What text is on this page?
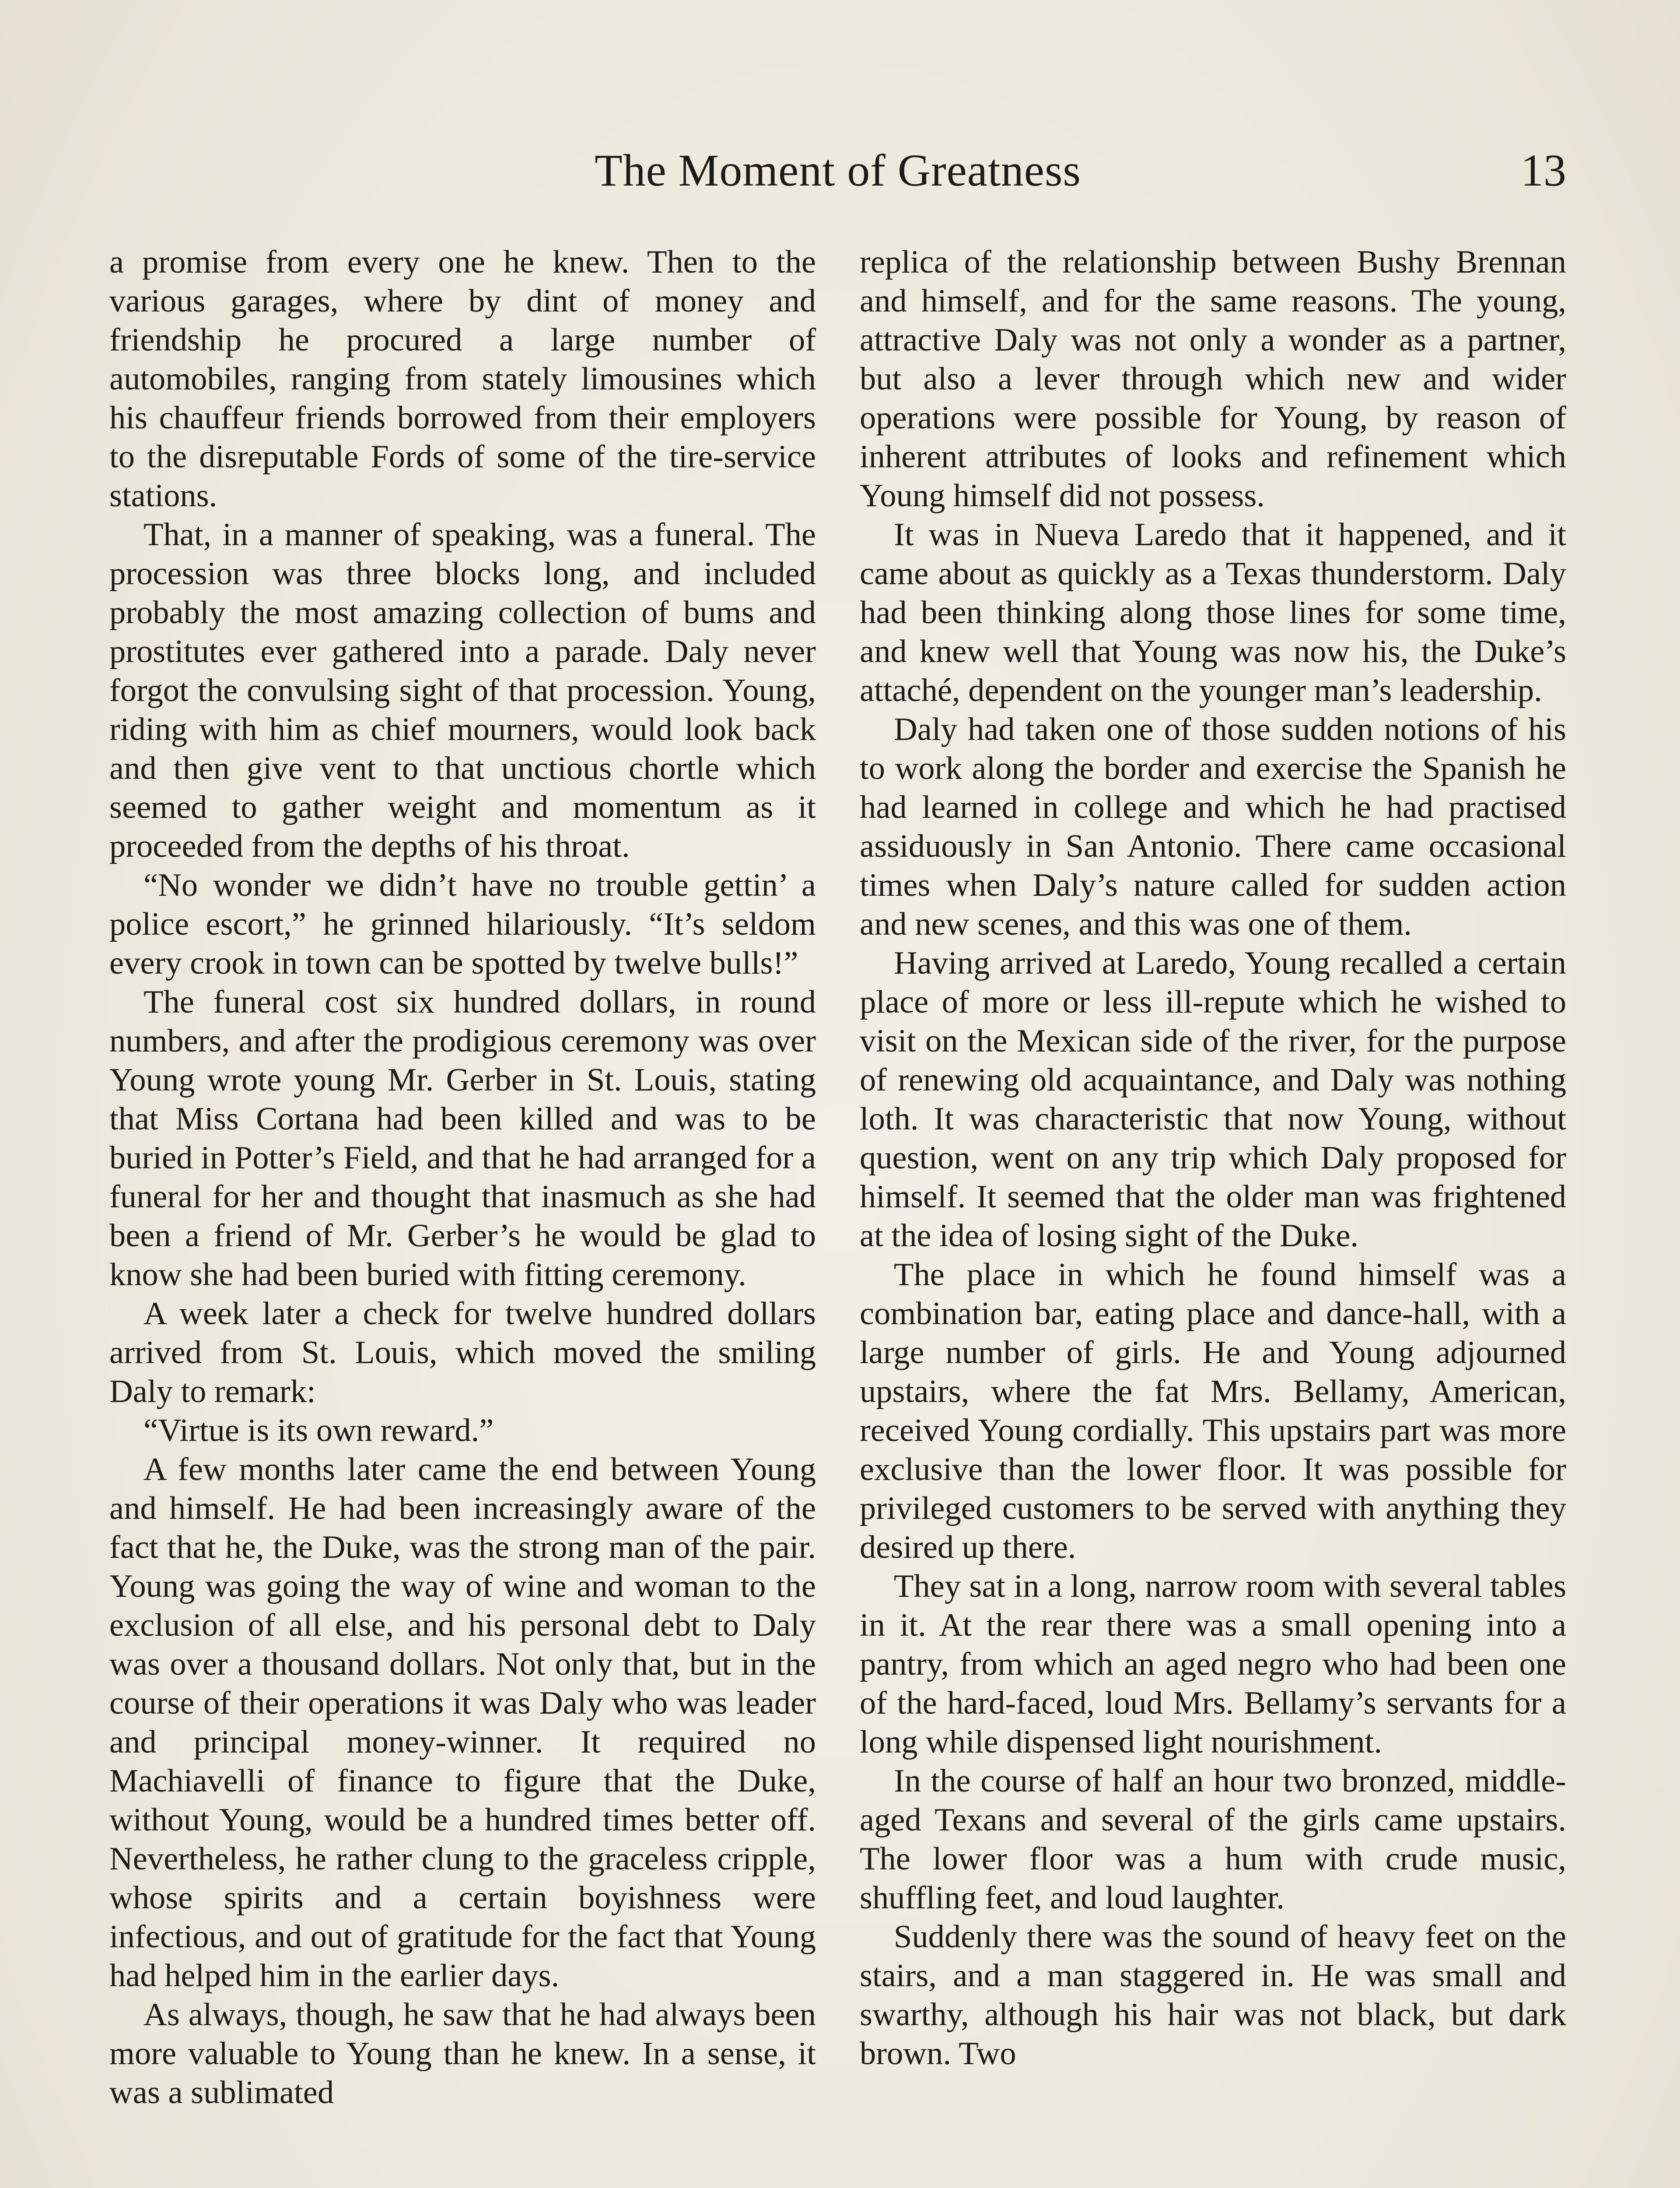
The Moment of Greatness	13

a promise from every one he knew. Then to the various garages, where by dint of money and friendship he procured a large number of automobiles, ranging from stately limousines which his chauffeur friends borrowed from their employers to the disreputable Fords of some of the tire-service stations.

That, in a manner of speaking, was a funeral. The procession was three blocks long, and included probably the most amazing collection of bums and prostitutes ever gathered into a parade. Daly never forgot the convulsing sight of that procession. Young, riding with him as chief mourners, would look back and then give vent to that unctious chortle which seemed to gather weight and momentum as it proceeded from the depths of his throat.

“No wonder we didn’t have no trouble gettin’ a police escort,” he grinned hilariously. “It’s seldom every crook in town can be spotted by twelve bulls!”

The funeral cost six hundred dollars, in round numbers, and after the prodigious ceremony was over Young wrote young Mr. Gerber in St. Louis, stating that Miss Cortana had been killed and was to be buried in Potter’s Field, and that he had arranged for a funeral for her and thought that inasmuch as she had been a friend of Mr. Gerber’s he would be glad to know she had been buried with fitting ceremony.

A week later a check for twelve hundred dollars arrived from St. Louis, which moved the smiling Daly to remark:

“Virtue is its own reward.”

A few months later came the end between Young and himself. He had been increasingly aware of the fact that he, the Duke, was the strong man of the pair. Young was going the way of wine and woman to the exclusion of all else, and his personal debt to Daly was over a thousand dollars. Not only that, but in the course of their operations it was Daly who was leader and principal money-winner. It required no Machiavelli of finance to figure that the Duke, without Young, would be a hundred times better off. Nevertheless, he rather clung to the graceless cripple, whose spirits and a certain boyishness were infectious, and out of gratitude for the fact that Young had helped him in the earlier days.

As always, though, he saw that he had always been more valuable to Young than he knew. In a sense, it was a sublimated

replica of the relationship between Bushy Brennan and himself, and for the same reasons. The young, attractive Daly was not only a wonder as a partner, but also a lever through which new and wider operations were possible for Young, by reason of inherent attributes of looks and refinement which Young himself did not possess.

It was in Nueva Laredo that it happened, and it came about as quickly as a Texas thunderstorm. Daly had been thinking along those lines for some time, and knew well that Young was now his, the Duke’s attaché, dependent on the younger man’s leadership.

Daly had taken one of those sudden notions of his to work along the border and exercise the Spanish he had learned in college and which he had practised assiduously in San Antonio. There came occasional times when Daly’s nature called for sudden action and new scenes, and this was one of them.

Having arrived at Laredo, Young recalled a certain place of more or less ill-repute which he wished to visit on the Mexican side of the river, for the purpose of renewing old acquaintance, and Daly was nothing loth. It was characteristic that now Young, without question, went on any trip which Daly proposed for himself. It seemed that the older man was frightened at the idea of losing sight of the Duke.

The place in which he found himself was a combination bar, eating place and dance-hall, with a large number of girls. He and Young adjourned upstairs, where the fat Mrs. Bellamy, American, received Young cordially. This upstairs part was more exclusive than the lower floor. It was possible for privileged customers to be served with anything they desired up there.

They sat in a long, narrow room with several tables in it. At the rear there was a small opening into a pantry, from which an aged negro who had been one of the hard-faced, loud Mrs. Bellamy’s servants for a long while dispensed light nourishment.

In the course of half an hour two bronzed, middle-aged Texans and several of the girls came upstairs. The lower floor was a hum with crude music, shuffling feet, and loud laughter.

Suddenly there was the sound of heavy feet on the stairs, and a man staggered in. He was small and swarthy, although his hair was not black, but dark brown. Two
